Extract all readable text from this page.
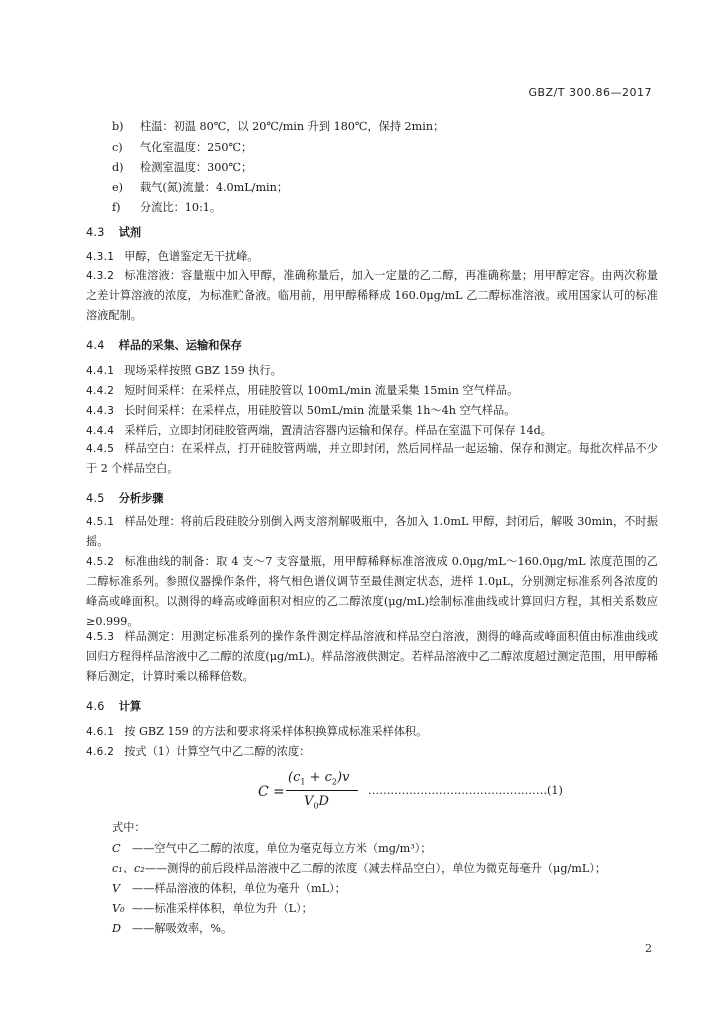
GBZ/T 300.86—2017
b) 柱温：初温 80℃，以 20℃/min 升到 180℃，保持 2min；
c) 气化室温度：250℃；
d) 检测室温度：300℃；
e) 载气(氮)流量：4.0mL/min；
f) 分流比：10:1。
4.3 试剂
4.3.1 甲醇，色谱鉴定无干扰峰。
4.3.2 标准溶液：容量瓶中加入甲醇，准确称量后，加入一定量的乙二醇，再准确称量；用甲醇定容。由两次称量之差计算溶液的浓度，为标准贮备液。临用前，用甲醇稀释成 160.0μg/mL 乙二醇标准溶液。或用国家认可的标准溶液配制。
4.4 样品的采集、运输和保存
4.4.1 现场采样按照 GBZ 159 执行。
4.4.2 短时间采样：在采样点，用硅胶管以 100mL/min 流量采集 15min 空气样品。
4.4.3 长时间采样：在采样点，用硅胶管以 50mL/min 流量采集 1h～4h 空气样品。
4.4.4 采样后，立即封闭硅胶管两端，置清洁容器内运输和保存。样品在室温下可保存 14d。
4.4.5 样品空白：在采样点，打开硅胶管两端，并立即封闭，然后同样品一起运输、保存和测定。每批次样品不少于 2 个样品空白。
4.5 分析步骤
4.5.1 样品处理：将前后段硅胶分别倒入两支溶剂解吸瓶中，各加入 1.0mL 甲醇，封闭后，解吸 30min，不时振摇。
4.5.2 标准曲线的制备：取 4 支～7 支容量瓶，用甲醇稀释标准溶液成 0.0μg/mL～160.0μg/mL 浓度范围的乙二醇标准系列。参照仪器操作条件，将气相色谱仪调节至最佳测定状态，进样 1.0μL，分别测定标准系列各浓度的峰高或峰面积。以测得的峰高或峰面积对相应的乙二醇浓度(μg/mL)绘制标准曲线或计算回归方程，其相关系数应≥0.999。
4.5.3 样品测定：用测定标准系列的操作条件测定样品溶液和样品空白溶液，测得的峰高或峰面积值由标准曲线或回归方程得样品溶液中乙二醇的浓度(μg/mL)。样品溶液供测定。若样品溶液中乙二醇浓度超过测定范围，用甲醇稀释后测定，计算时乘以稀释倍数。
4.6 计算
4.6.1 按 GBZ 159 的方法和要求将采样体积换算成标准采样体积。
4.6.2 按式（1）计算空气中乙二醇的浓度：
C =
$(c_1 + c_2)v$
$V_0D$
…………………………………………(1)
式中：
C ——空气中乙二醇的浓度，单位为毫克每立方米（mg/m³）；
c₁、c₂——测得的前后段样品溶液中乙二醇的浓度（减去样品空白），单位为微克每毫升（μg/mL）；
V ——样品溶液的体积，单位为毫升（mL）；
V₀ ——标准采样体积，单位为升（L）；
D ——解吸效率，%。
2
